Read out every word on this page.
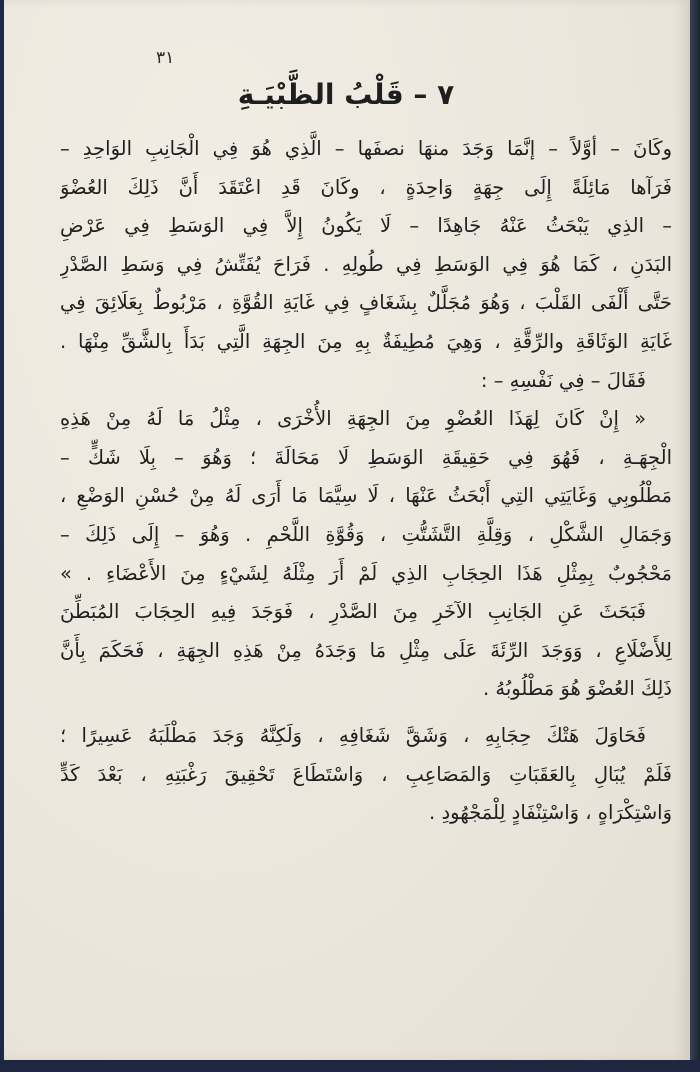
٣١
٧ – قَلْبُ الظَّبْيَـةِ
وكَانَ – أوَّلاً – إنَّمَا وَجَدَ منهَا نصفَها – الَّذِي هُوَ فِي الْجَانِبِ الوَاحِدِ –
فَرَآها مَائِلَةً إِلَى جِهَةٍ وَاحِدَةٍ ، وكَانَ قَدِ اعْتَقَدَ أَنَّ ذَلِكَ العُضْوَ
– الذِي يَبْحَثُ عَنْهُ جَاهِدًا – لَا يَكُونُ إِلاَّ فِي الوَسَطِ فِي عَرْضِ
البَدَنِ ، كَمَا هُوَ فِي الوَسَطِ فِي طُولِهِ . فَرَاحَ يُفَتِّشُ فِي وَسَطِ الصَّدْرِ
حَتَّى أَلْفَى القَلْبَ ، وَهُوَ مُجَلَّلٌ بِشَغَافٍ فِي غَايَةِ القُوَّةِ ، مَرْبُوطٌ بِعَلَائِقَ فِي
غَايَةِ الوَثَاقَةِ والرِّقَّةِ ، وَهِيَ مُطِيفَةٌ بِهِ مِنَ الجِهَةِ الَّتِي بَدَأَ بِالشَّقِّ مِنْهَا .
فَقَالَ – فِي نَفْسِهِ – :
« إِنْ كَانَ لِهَذَا العُضْوِ مِنَ الجِهَةِ الأُخْرَى ، مِثْلُ مَا لَهُ مِنْ هَذِهِ
الْجِهَـةِ ، فَهُوَ فِي حَقِيقَةِ الوَسَطِ لَا مَحَالَةَ ؛ وَهُوَ – بِلَا شَكٍّ –
مَطْلُوبِي وَغَايَتِي التِي أَبْحَثُ عَنْهَا ، لَا سِيَّمَا مَا أَرَى لَهُ مِنْ حُسْنِ الوَضْعِ ،
وَجَمَالِ الشَّكْلِ ، وَقِلَّةِ التَّشَتُّتِ ، وَقُوَّةِ اللَّحْمِ . وَهُوَ – إِلَى ذَلِكَ –
مَحْجُوبٌ بِمِثْلِ هَذَا الحِجَابِ الذِي لَمْ أَرَ مِثْلَهُ لِشَيْءٍ مِنَ الأَعْضَاءِ . »
فَبَحَثَ عَنِ الجَانِبِ الآخَرِ مِنَ الصَّدْرِ ، فَوَجَدَ فِيهِ الحِجَابَ المُبَطِّنَ
لِلأَضْلَاعِ ، وَوَجَدَ الرِّئَةَ عَلَى مِثْلِ مَا وَجَدَهُ مِنْ هَذِهِ الجِهَةِ ، فَحَكَمَ بِأَنَّ
ذَلِكَ العُضْوَ هُوَ مَطْلُوبُهُ .
فَحَاوَلَ هَتْكَ حِجَابِهِ ، وَشَقَّ شَغَافِهِ ، وَلَكِنَّهُ وَجَدَ مَطْلَبَهُ عَسِيرًا ؛
فَلَمْ يُبَالِ بِالعَقَبَاتِ وَالمَصَاعِبِ ، وَاسْتَطَاعَ تَحْقِيقَ رَغْبَتِهِ ، بَعْدَ كَدٍّ
وَاسْتِكْرَاهٍ ، وَاسْتِنْفَادٍ لِلْمَجْهُودِ .
